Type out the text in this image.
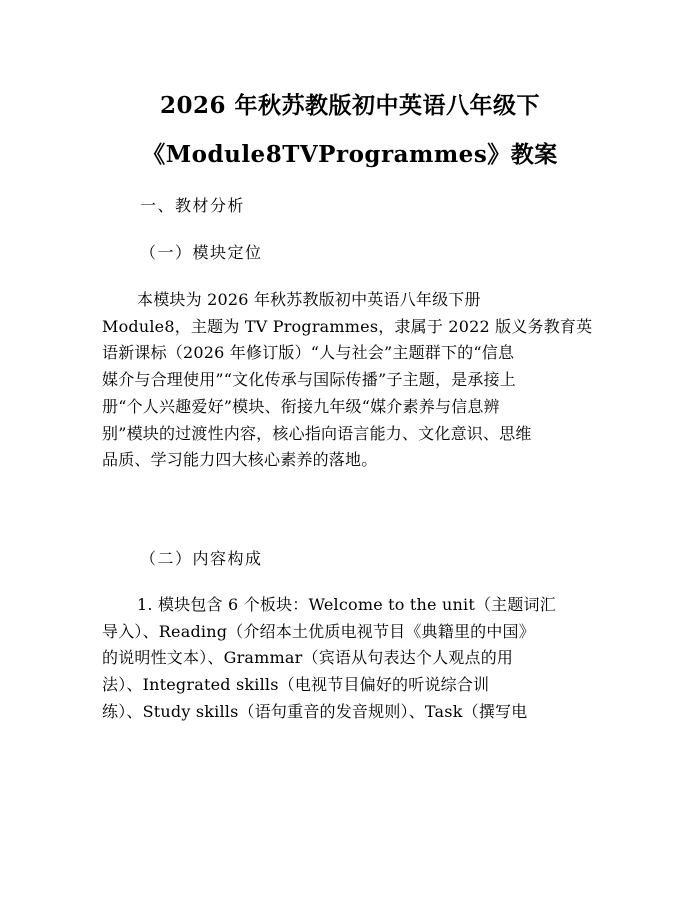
2026 年秋苏教版初中英语八年级下
《Module8TVProgrammes》教案
一、教材分析
（一）模块定位
本模块为 2026 年秋苏教版初中英语八年级下册
Module8，主题为 TV Programmes，隶属于 2022 版义务教育英
语新课标（2026 年修订版）“人与社会”主题群下的“信息
媒介与合理使用”“文化传承与国际传播”子主题，是承接上
册“个人兴趣爱好”模块、衔接九年级“媒介素养与信息辨
别”模块的过渡性内容，核心指向语言能力、文化意识、思维
品质、学习能力四大核心素养的落地。
（二）内容构成
1. 模块包含 6 个板块：Welcome to the unit（主题词汇
导入）、Reading（介绍本土优质电视节目《典籍里的中国》
的说明性文本）、Grammar（宾语从句表达个人观点的用
法）、Integrated skills（电视节目偏好的听说综合训
练）、Study skills（语句重音的发音规则）、Task（撰写电
